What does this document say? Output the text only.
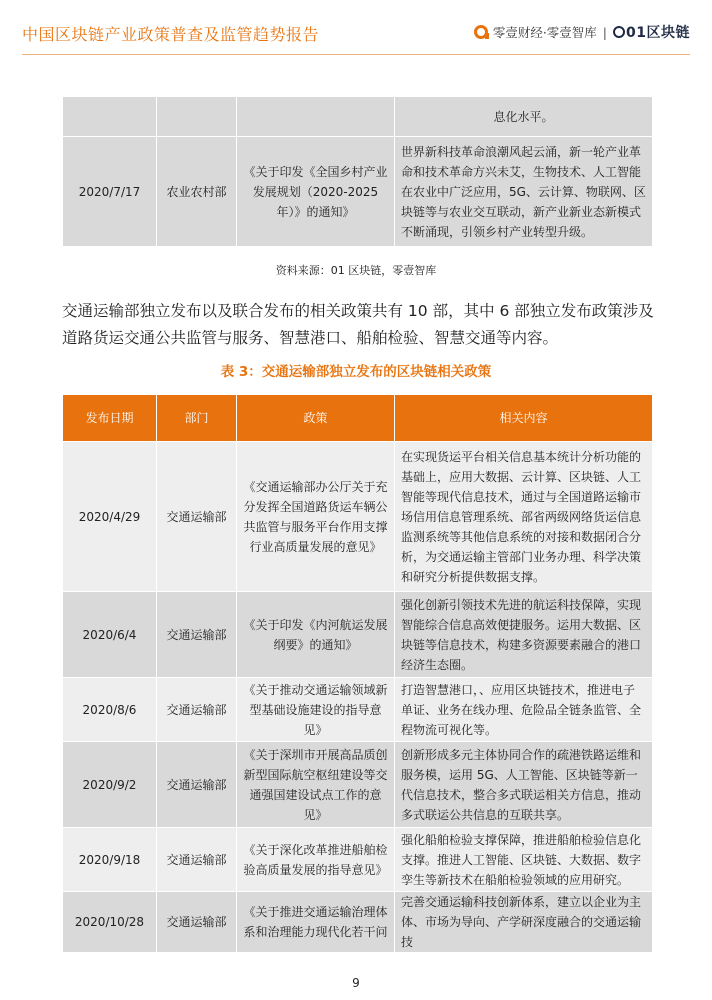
中国区块链产业政策普查及监管趋势报告	零壹财经·零壹智库 |	01区块链
			息化水平。
2020/7/17	农业农村部	《关于印发《全国乡村产业发展规划（2020-2025 年）》的通知》	世界新科技革命浪潮风起云涌，新一轮产业革命和技术革命方兴未艾，生物技术、人工智能在农业中广泛应用，5G、云计算、物联网、区块链等与农业交互联动，新产业新业态新模式不断涌现，引领乡村产业转型升级。
资料来源：01 区块链，零壹智库
交通运输部独立发布以及联合发布的相关政策共有 10 部，其中 6 部独立发布政策涉及道路货运交通公共监管与服务、智慧港口、船舶检验、智慧交通等内容。
表 3：交通运输部独立发布的区块链相关政策
发布日期	部门	政策	相关内容
2020/4/29	交通运输部	《交通运输部办公厅关于充分发挥全国道路货运车辆公共监管与服务平台作用支撑行业高质量发展的意见》	在实现货运平台相关信息基本统计分析功能的基础上，应用大数据、云计算、区块链、人工智能等现代信息技术，通过与全国道路运输市场信用信息管理系统、部省两级网络货运信息监测系统等其他信息系统的对接和数据闭合分析，为交通运输主管部门业务办理、科学决策和研究分析提供数据支撑。
2020/6/4	交通运输部	《关于印发《内河航运发展纲要》的通知》	强化创新引领技术先进的航运科技保障，实现智能综合信息高效便捷服务。运用大数据、区块链等信息技术，构建多资源要素融合的港口经济生态圈。
2020/8/6	交通运输部	《关于推动交通运输领域新型基础设施建设的指导意见》	打造智慧港口，、应用区块链技术，推进电子单证、业务在线办理、危险品全链条监管、全程物流可视化等。
2020/9/2	交通运输部	《关于深圳市开展高品质创新型国际航空枢纽建设等交通强国建设试点工作的意见》	创新形成多元主体协同合作的疏港铁路运维和服务模，运用 5G、人工智能、区块链等新一代信息技术，整合多式联运相关方信息，推动多式联运公共信息的互联共享。
2020/9/18	交通运输部	《关于深化改革推进船舶检验高质量发展的指导意见》	强化船舶检验支撑保障，推进船舶检验信息化支撑。推进人工智能、区块链、大数据、数字孪生等新技术在船舶检验领域的应用研究。
2020/10/28	交通运输部	《关于推进交通运输治理体系和治理能力现代化若干问	完善交通运输科技创新体系，建立以企业为主体、市场为导向、产学研深度融合的交通运输技
9
